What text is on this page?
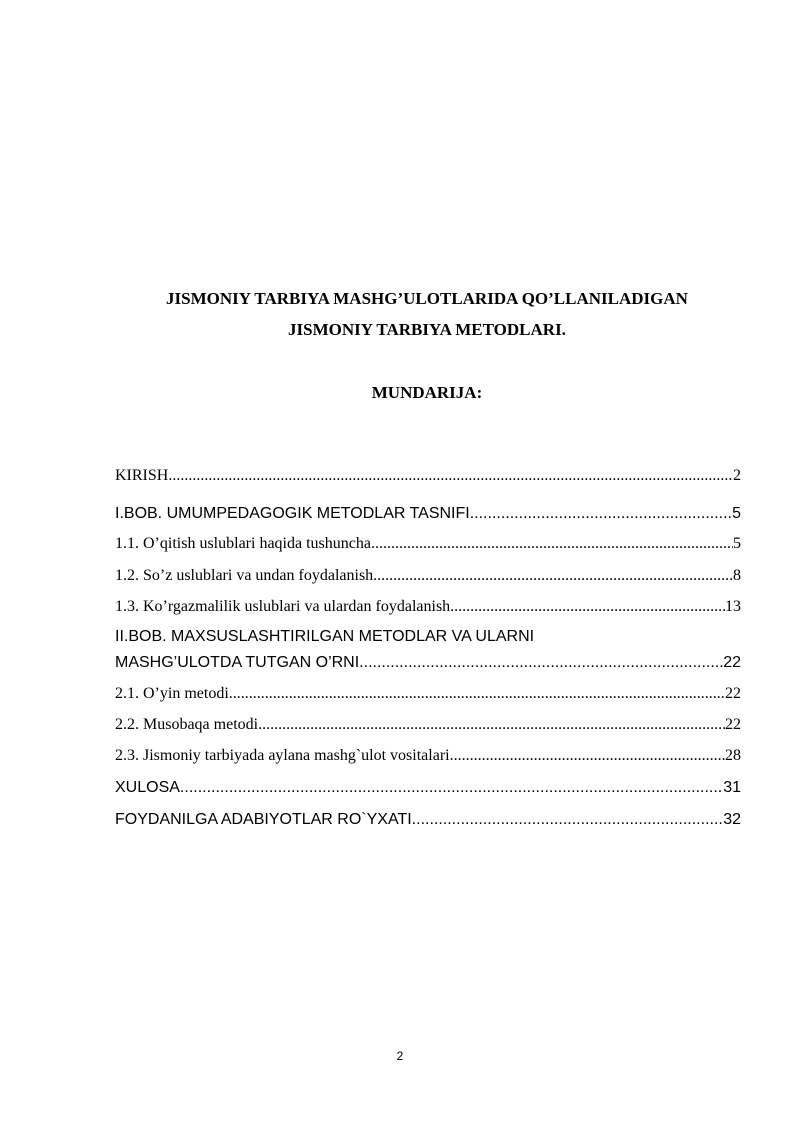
JISMONIY TARBIYA MASHG’ULOTLARIDA QO’LLANILADIGAN
JISMONIY TARBIYA METODLARI.
MUNDARIJA:
KIRISH .....	2
I.BOB. UMUMPEDAGOGIK METODLAR TASNIFI .....	5
1.1. O’qitish uslublari haqida tushuncha .....	5
1.2. So’z uslublari va undan foydalanish .....	8
1.3. Ko’rgazmalilik uslublari va ulardan foydalanish .....	13
II.BOB. MAXSUSLASHTIRILGAN METODLAR VA ULARNI
MASHG’ULOTDA TUTGAN O’RNI .....	22
2.1. O’yin metodi .....	22
2.2. Musobaqa metodi .....	22
2.3. Jismoniy tarbiyada aylana mashg`ulot vositalari .....	28
XULOSA .....	31
FOYDANILGA ADABIYOTLAR RO`YXATI .....	32
2
